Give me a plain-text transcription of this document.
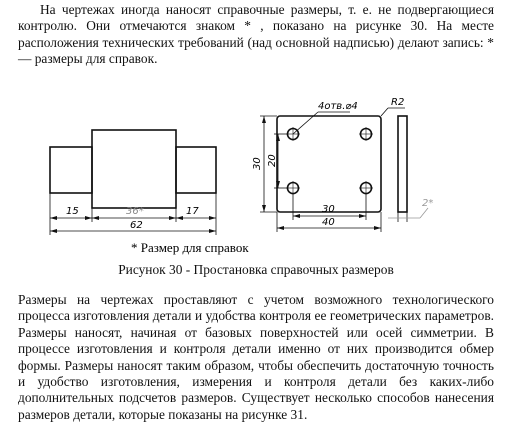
На чертежах иногда наносят справочные размеры, т. е. не подвергающиеся контролю. Они отмечаются знаком * , показано на рисунке 30. На месте расположения технических требований (над основной надписью) делают запись: * — размеры для справок.

15	36*	17
62
4отв.⌀4	R2
30 20
30
40
2*
* Размер для справок

Рисунок 30 - Простановка справочных размеров

Размеры на чертежах проставляют с учетом возможного технологического процесса изготовления детали и удобства контроля ее геометрических параметров. Размеры наносят, начиная от базовых поверхностей или осей симметрии. В процессе изготовления и контроля детали именно от них производится обмер формы. Размеры наносят таким образом, чтобы обеспечить достаточную точность и удобство изготовления, измерения и контроля детали без каких-либо дополнительных подсчетов размеров. Существует несколько способов нанесения размеров детали, которые показаны на рисунке 31.
